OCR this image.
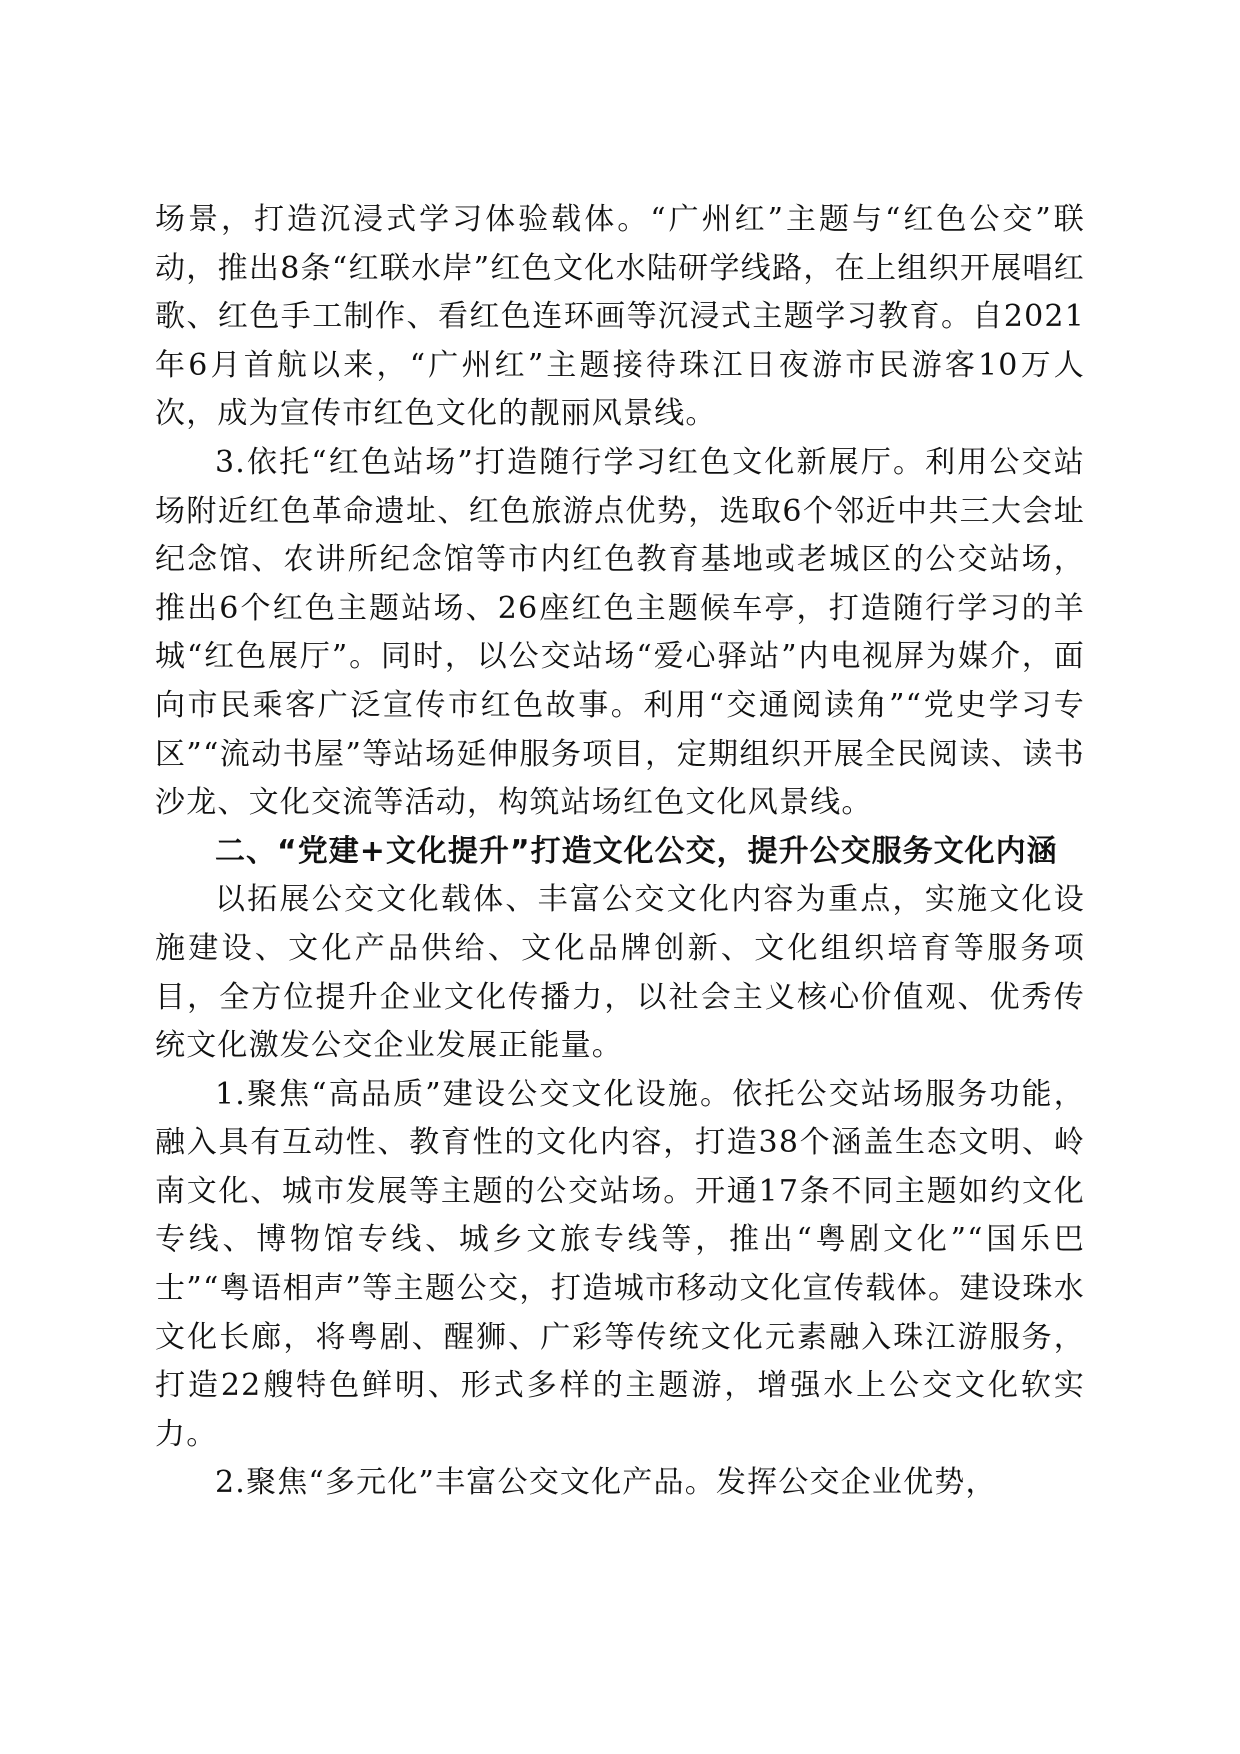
场景，打造沉浸式学习体验载体。“广州红”主题与“红色公交”联动，推出8条“红联水岸”红色文化水陆研学线路，在上组织开展唱红歌、红色手工制作、看红色连环画等沉浸式主题学习教育。自2021年6月首航以来，“广州红”主题接待珠江日夜游市民游客10万人次，成为宣传市红色文化的靓丽风景线。

3.依托“红色站场”打造随行学习红色文化新展厅。利用公交站场附近红色革命遗址、红色旅游点优势，选取6个邻近中共三大会址纪念馆、农讲所纪念馆等市内红色教育基地或老城区的公交站场，推出6个红色主题站场、26座红色主题候车亭，打造随行学习的羊城“红色展厅”。同时，以公交站场“爱心驿站”内电视屏为媒介，面向市民乘客广泛宣传市红色故事。利用“交通阅读角”“党史学习专区”“流动书屋”等站场延伸服务项目，定期组织开展全民阅读、读书沙龙、文化交流等活动，构筑站场红色文化风景线。

二、“党建+文化提升”打造文化公交，提升公交服务文化内涵

以拓展公交文化载体、丰富公交文化内容为重点，实施文化设施建设、文化产品供给、文化品牌创新、文化组织培育等服务项目，全方位提升企业文化传播力，以社会主义核心价值观、优秀传统文化激发公交企业发展正能量。

1.聚焦“高品质”建设公交文化设施。依托公交站场服务功能，融入具有互动性、教育性的文化内容，打造38个涵盖生态文明、岭南文化、城市发展等主题的公交站场。开通17条不同主题如约文化专线、博物馆专线、城乡文旅专线等，推出“粤剧文化”“国乐巴士”“粤语相声”等主题公交，打造城市移动文化宣传载体。建设珠水文化长廊，将粤剧、醒狮、广彩等传统文化元素融入珠江游服务，打造22艘特色鲜明、形式多样的主题游，增强水上公交文化软实力。

2.聚焦“多元化”丰富公交文化产品。发挥公交企业优势，
